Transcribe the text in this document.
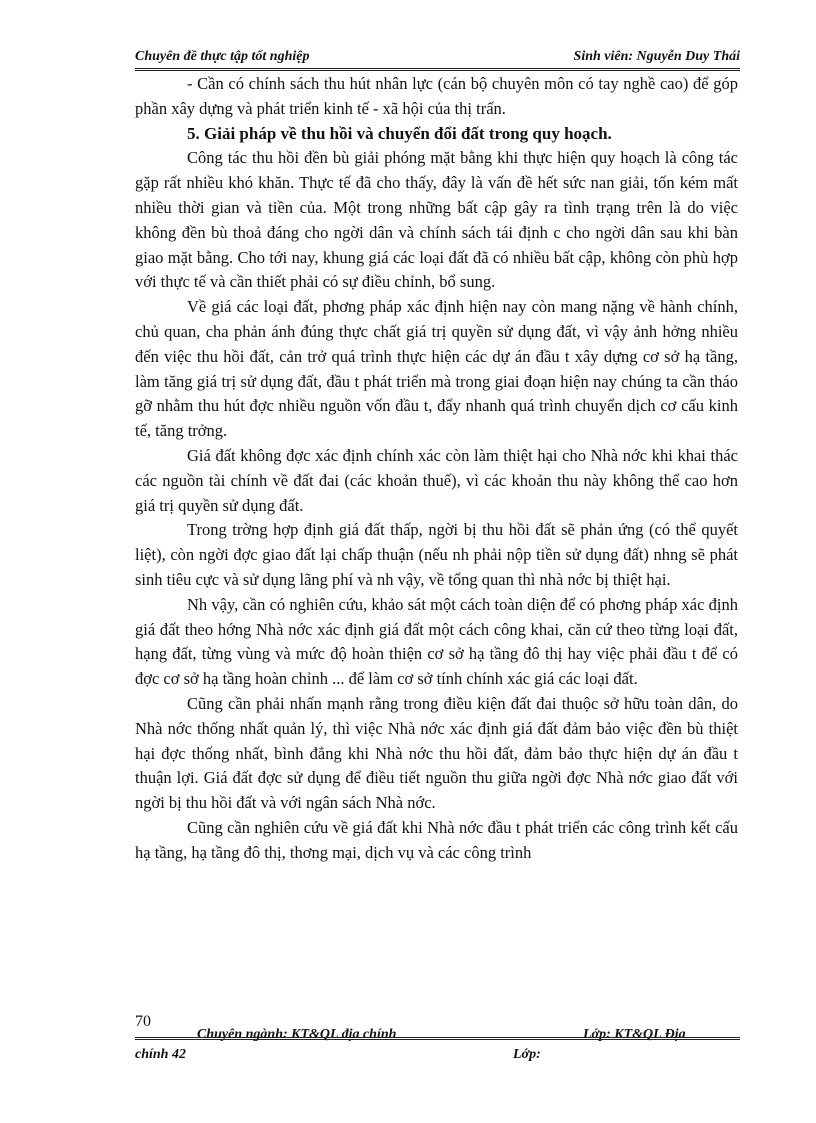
Chuyên đề thực tập tốt nghiệp	Sinh viên: Nguyễn Duy Thái

- Cần có chính sách thu hút nhân lực (cán bộ chuyên môn có tay nghề cao) để góp phần xây dựng và phát triển kinh tế - xã hội của thị trấn.

5. Giải pháp về thu hồi và chuyển đổi đất trong quy hoạch.

Công tác thu hồi đền bù giải phóng mặt bằng khi thực hiện quy hoạch là công tác gặp rất nhiều khó khăn. Thực tế đã cho thấy, đây là vấn đề hết sức nan giải, tốn kém mất nhiều thời gian và tiền của. Một trong những bất cập gây ra tình trạng trên là do việc không đền bù thoả đáng cho ngời dân và chính sách tái định c cho ngời dân sau khi bàn giao mặt bằng. Cho tới nay, khung giá các loại đất đã có nhiều bất cập, không còn phù hợp với thực tế và cần thiết phải có sự điều chỉnh, bổ sung.

Về giá các loại đất, phơng pháp xác định hiện nay còn mang nặng về hành chính, chủ quan, cha phản ánh đúng thực chất giá trị quyền sử dụng đất, vì vậy ảnh hởng nhiều đến việc thu hồi đất, cản trở quá trình thực hiện các dự án đầu t xây dựng cơ sở hạ tầng, làm tăng giá trị sử dụng đất, đầu t phát triển mà trong giai đoạn hiện nay chúng ta cần tháo gỡ nhằm thu hút đợc nhiều nguồn vốn đầu t, đẩy nhanh quá trình chuyển dịch cơ cấu kinh tế, tăng trởng.

Giá đất không đợc xác định chính xác còn làm thiệt hại cho Nhà nớc khi khai thác các nguồn tài chính về đất đai (các khoản thuế), vì các khoản thu này không thể cao hơn giá trị quyền sử dụng đất.

Trong trờng hợp định giá đất thấp, ngời bị thu hồi đất sẽ phản ứng (có thể quyết liệt), còn ngời đợc giao đất lại chấp thuận (nếu nh phải nộp tiền sử dụng đất) nhng sẽ phát sinh tiêu cực và sử dụng lãng phí và nh vậy, về tổng quan thì nhà nớc bị thiệt hại.

Nh vậy, cần có nghiên cứu, khảo sát một cách toàn diện để có phơng pháp xác định giá đất theo hớng Nhà nớc xác định giá đất một cách công khai, căn cứ theo từng loại đất, hạng đất, từng vùng và mức độ hoàn thiện cơ sở hạ tầng đô thị hay việc phải đầu t để có đợc cơ sở hạ tầng hoàn chỉnh ... để làm cơ sở tính chính xác giá các loại đất.

Cũng cần phải nhấn mạnh rằng trong điều kiện đất đai thuộc sở hữu toàn dân, do Nhà nớc thống nhất quản lý, thì việc Nhà nớc xác định giá đất đảm bảo việc đền bù thiệt hại đợc thống nhất, bình đẳng khi Nhà nớc thu hồi đất, đảm bảo thực hiện dự án đầu t thuận lợi. Giá đất đợc sử dụng để điều tiết nguồn thu giữa ngời đợc Nhà nớc giao đất với ngời bị thu hồi đất và với ngân sách Nhà nớc.

Cũng cần nghiên cứu về giá đất khi Nhà nớc đầu t phát triển các công trình kết cấu hạ tầng, hạ tầng đô thị, thơng mại, dịch vụ và các công trình

70
Chuyên ngành: KT&QL địa chính	Lớp: KT&QL Địa
chính 42	Lớp:
